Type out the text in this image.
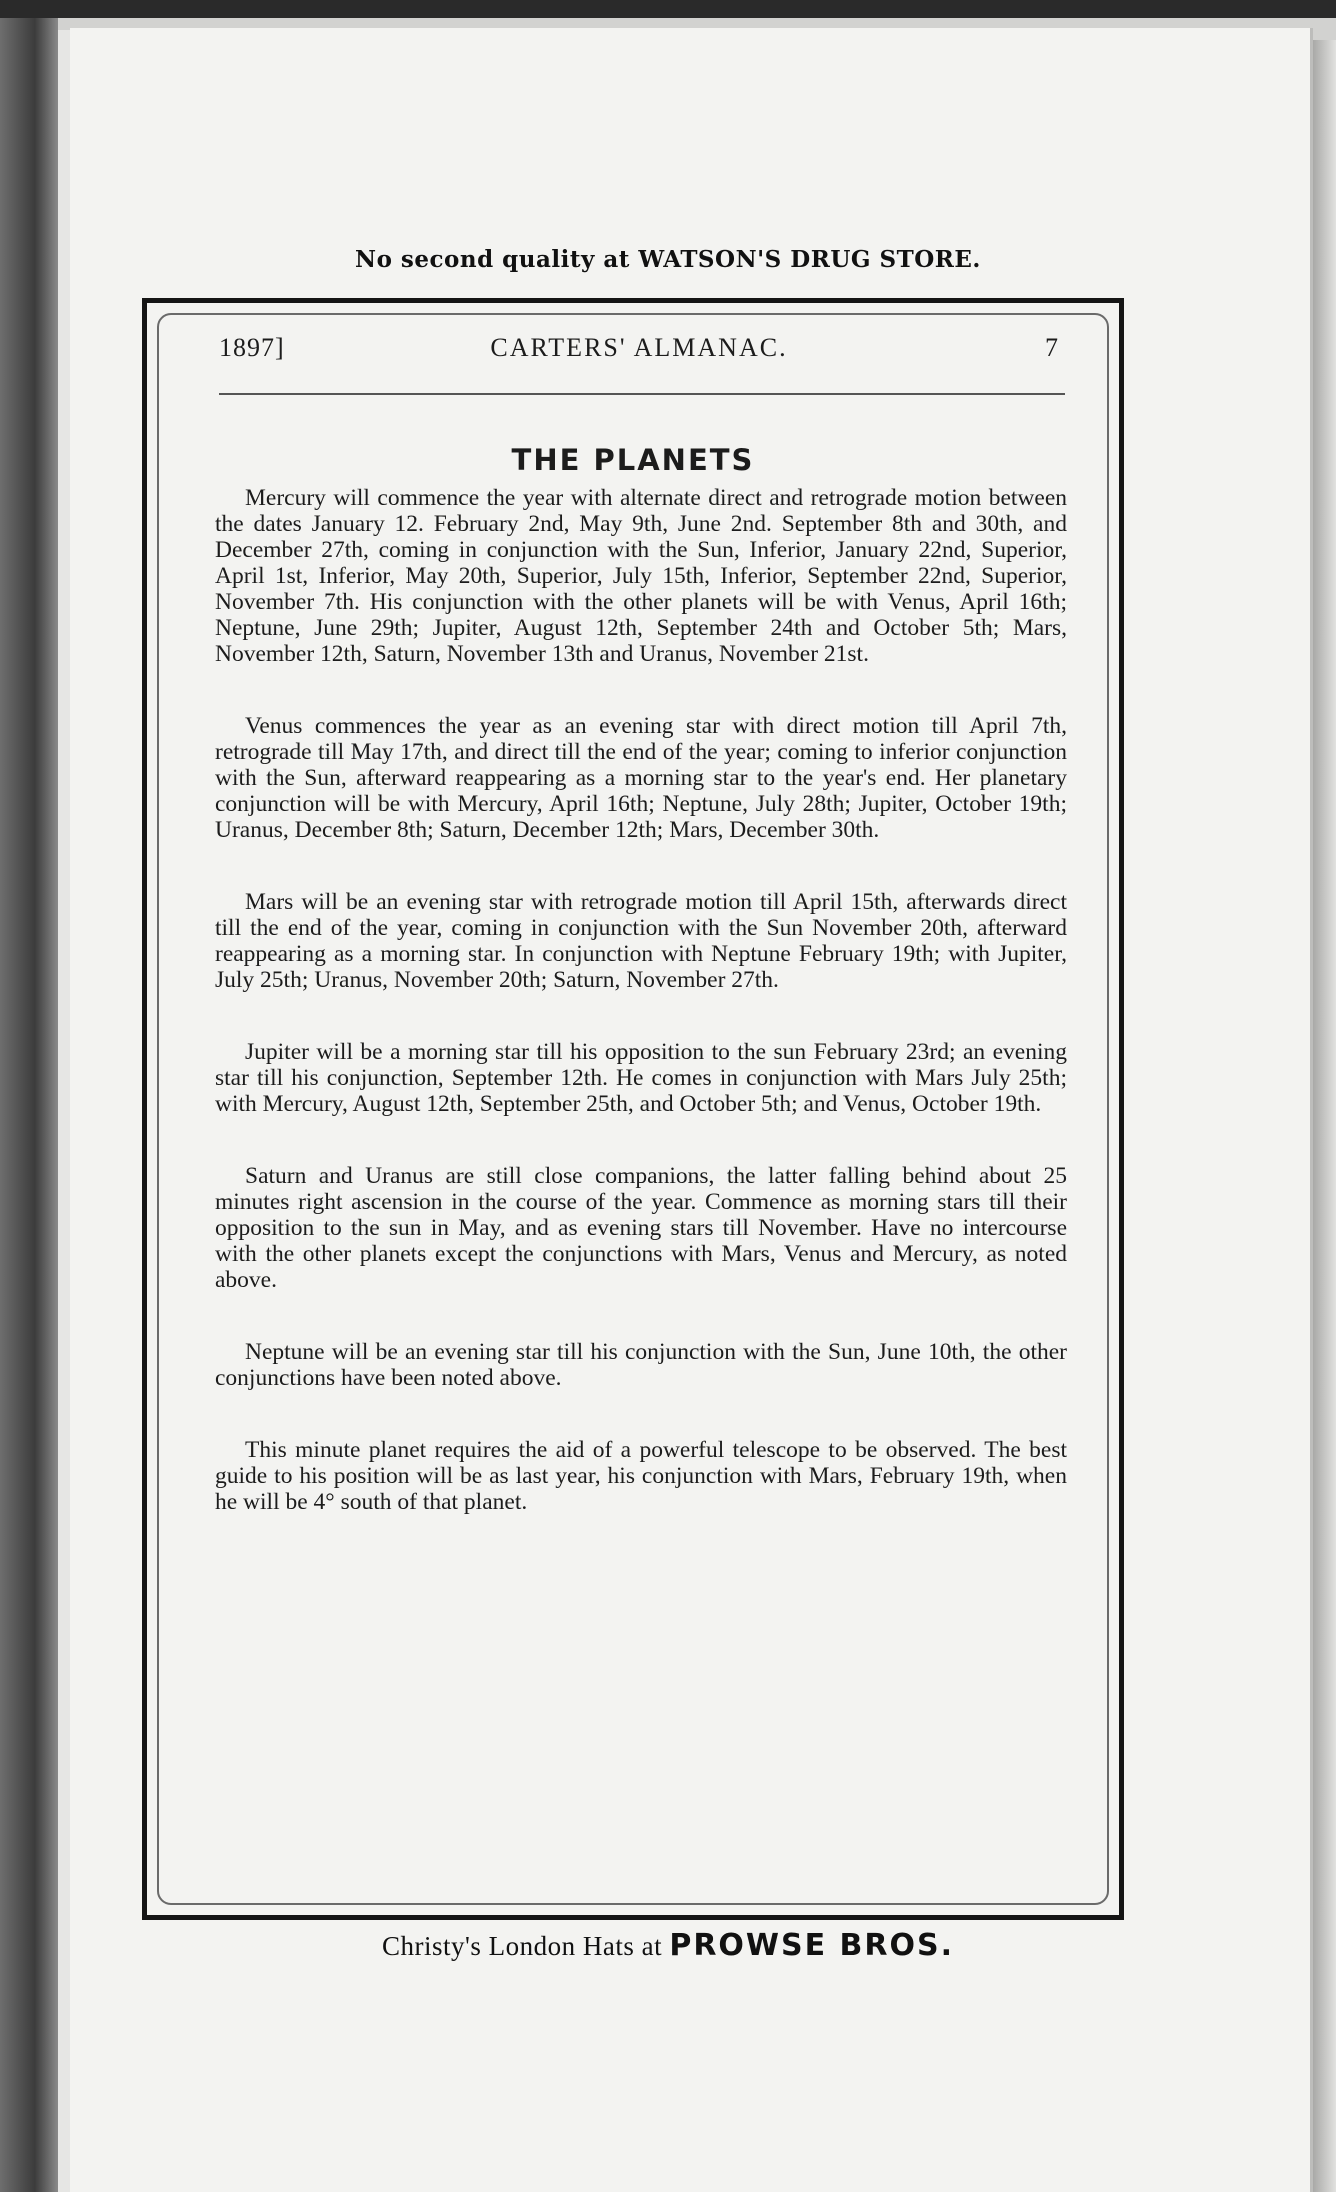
No second quality at WATSON'S DRUG STORE.
CARTERS' ALMANAC.
1897]	7
THE PLANETS

Mercury will commence the year with alternate direct and retrograde motion between the dates January 12. February 2nd, May 9th, June 2nd. September 8th and 30th, and December 27th, coming in conjunction with the Sun, Inferior, January 22nd, Superior, April 1st, Inferior, May 20th, Superior, July 15th, Inferior, September 22nd, Superior, November 7th. His conjunction with the other planets will be with Venus, April 16th; Neptune, June 29th; Jupiter, August 12th, September 24th and October 5th; Mars, November 12th, Saturn, November 13th and Uranus, November 21st.

Venus commences the year as an evening star with direct motion till April 7th, retrograde till May 17th, and direct till the end of the year; coming to inferior conjunction with the Sun, afterward reappearing as a morning star to the year's end. Her planetary conjunction will be with Mercury, April 16th; Neptune, July 28th; Jupiter, October 19th; Uranus, December 8th; Saturn, December 12th; Mars, December 30th.

Mars will be an evening star with retrograde motion till April 15th, afterwards direct till the end of the year, coming in conjunction with the Sun November 20th, afterward reappearing as a morning star. In conjunction with Neptune February 19th; with Jupiter, July 25th; Uranus, November 20th; Saturn, November 27th.

Jupiter will be a morning star till his opposition to the sun February 23rd; an evening star till his conjunction, September 12th. He comes in conjunction with Mars July 25th; with Mercury, August 12th, September 25th, and October 5th; and Venus, October 19th.

Saturn and Uranus are still close companions, the latter falling behind about 25 minutes right ascension in the course of the year. Commence as morning stars till their opposition to the sun in May, and as evening stars till November. Have no intercourse with the other planets except the conjunctions with Mars, Venus and Mercury, as noted above.

Neptune will be an evening star till his conjunction with the Sun, June 10th, the other conjunctions have been noted above.

This minute planet requires the aid of a powerful telescope to be observed. The best guide to his position will be as last year, his conjunction with Mars, February 19th, when he will be 4° south of that planet.

Christy's London Hats at PROWSE BROS.
